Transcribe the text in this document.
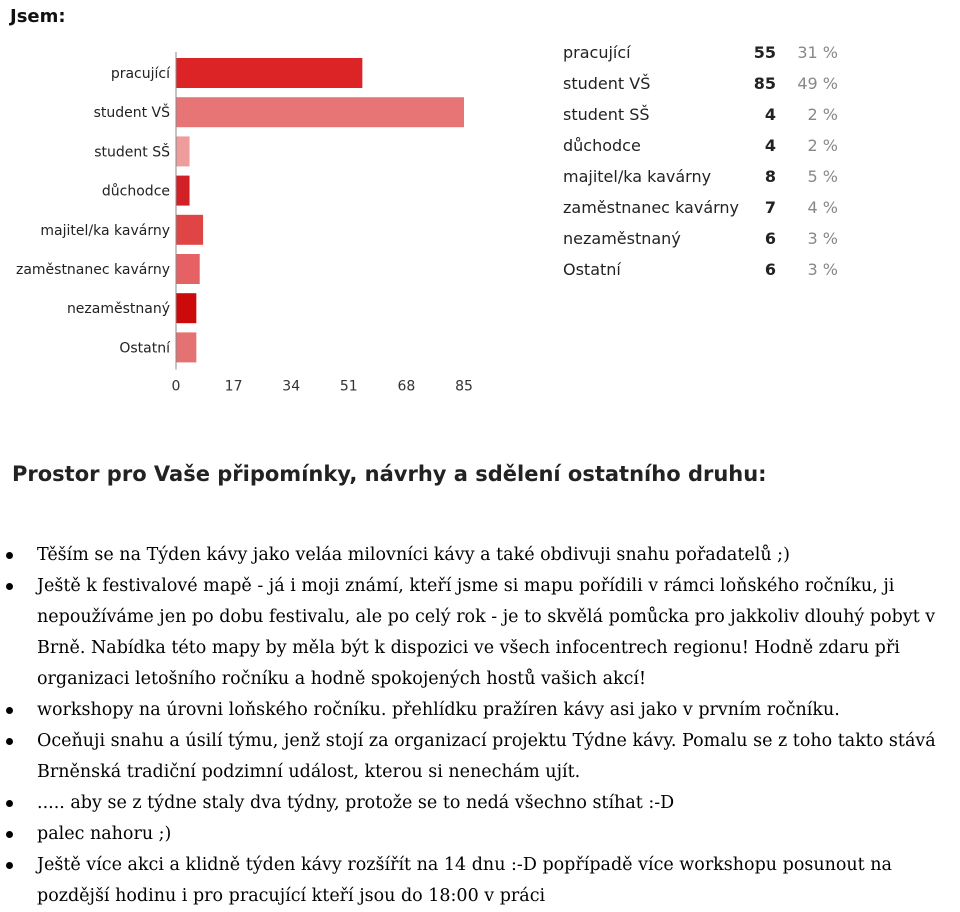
Jsem:
pracující
student VŠ
student SŠ
důchodce
majitel/ka kavárny
zaměstnanec kavárny
nezaměstnaný
Ostatní
0	17	34	51	68	85
pracující	55 31 %
student VŠ	85 49 %
student SŠ	4 2 %
důchodce	4 2 %
majitel/ka kavárny	8 5 %
zaměstnanec kavárny 7 4 %
nezaměstnaný	6 3 %
Ostatní	6 3 %
Prostor pro Vaše připomínky, návrhy a sdělení ostatního druhu:
Těším se na Týden kávy jako veláa milovníci kávy a také obdivuji snahu pořadatelů ;)
Ještě k festivalové mapě - já i moji známí, kteří jsme si mapu pořídili v rámci loňského ročníku, ji nepoužíváme jen po dobu festivalu, ale po celý rok - je to skvělá pomůcka pro jakkoliv dlouhý pobyt v Brně. Nabídka této mapy by měla být k dispozici ve všech infocentrech regionu! Hodně zdaru při organizaci letošního ročníku a hodně spokojených hostů vašich akcí!
workshopy na úrovni loňského ročníku. přehlídku pražíren kávy asi jako v prvním ročníku.
Oceňuji snahu a úsilí týmu, jenž stojí za organizací projektu Týdne kávy. Pomalu se z toho takto stává Brněnská tradiční podzimní událost, kterou si nenechám ujít.
..... aby se z týdne staly dva týdny, protože se to nedá všechno stíhat :-D
palec nahoru ;)
Ještě více akci a klidně týden kávy rozšířít na 14 dnu :-D popřípadě více workshopu posunout na pozdější hodinu i pro pracující kteří jsou do 18:00 v práci
